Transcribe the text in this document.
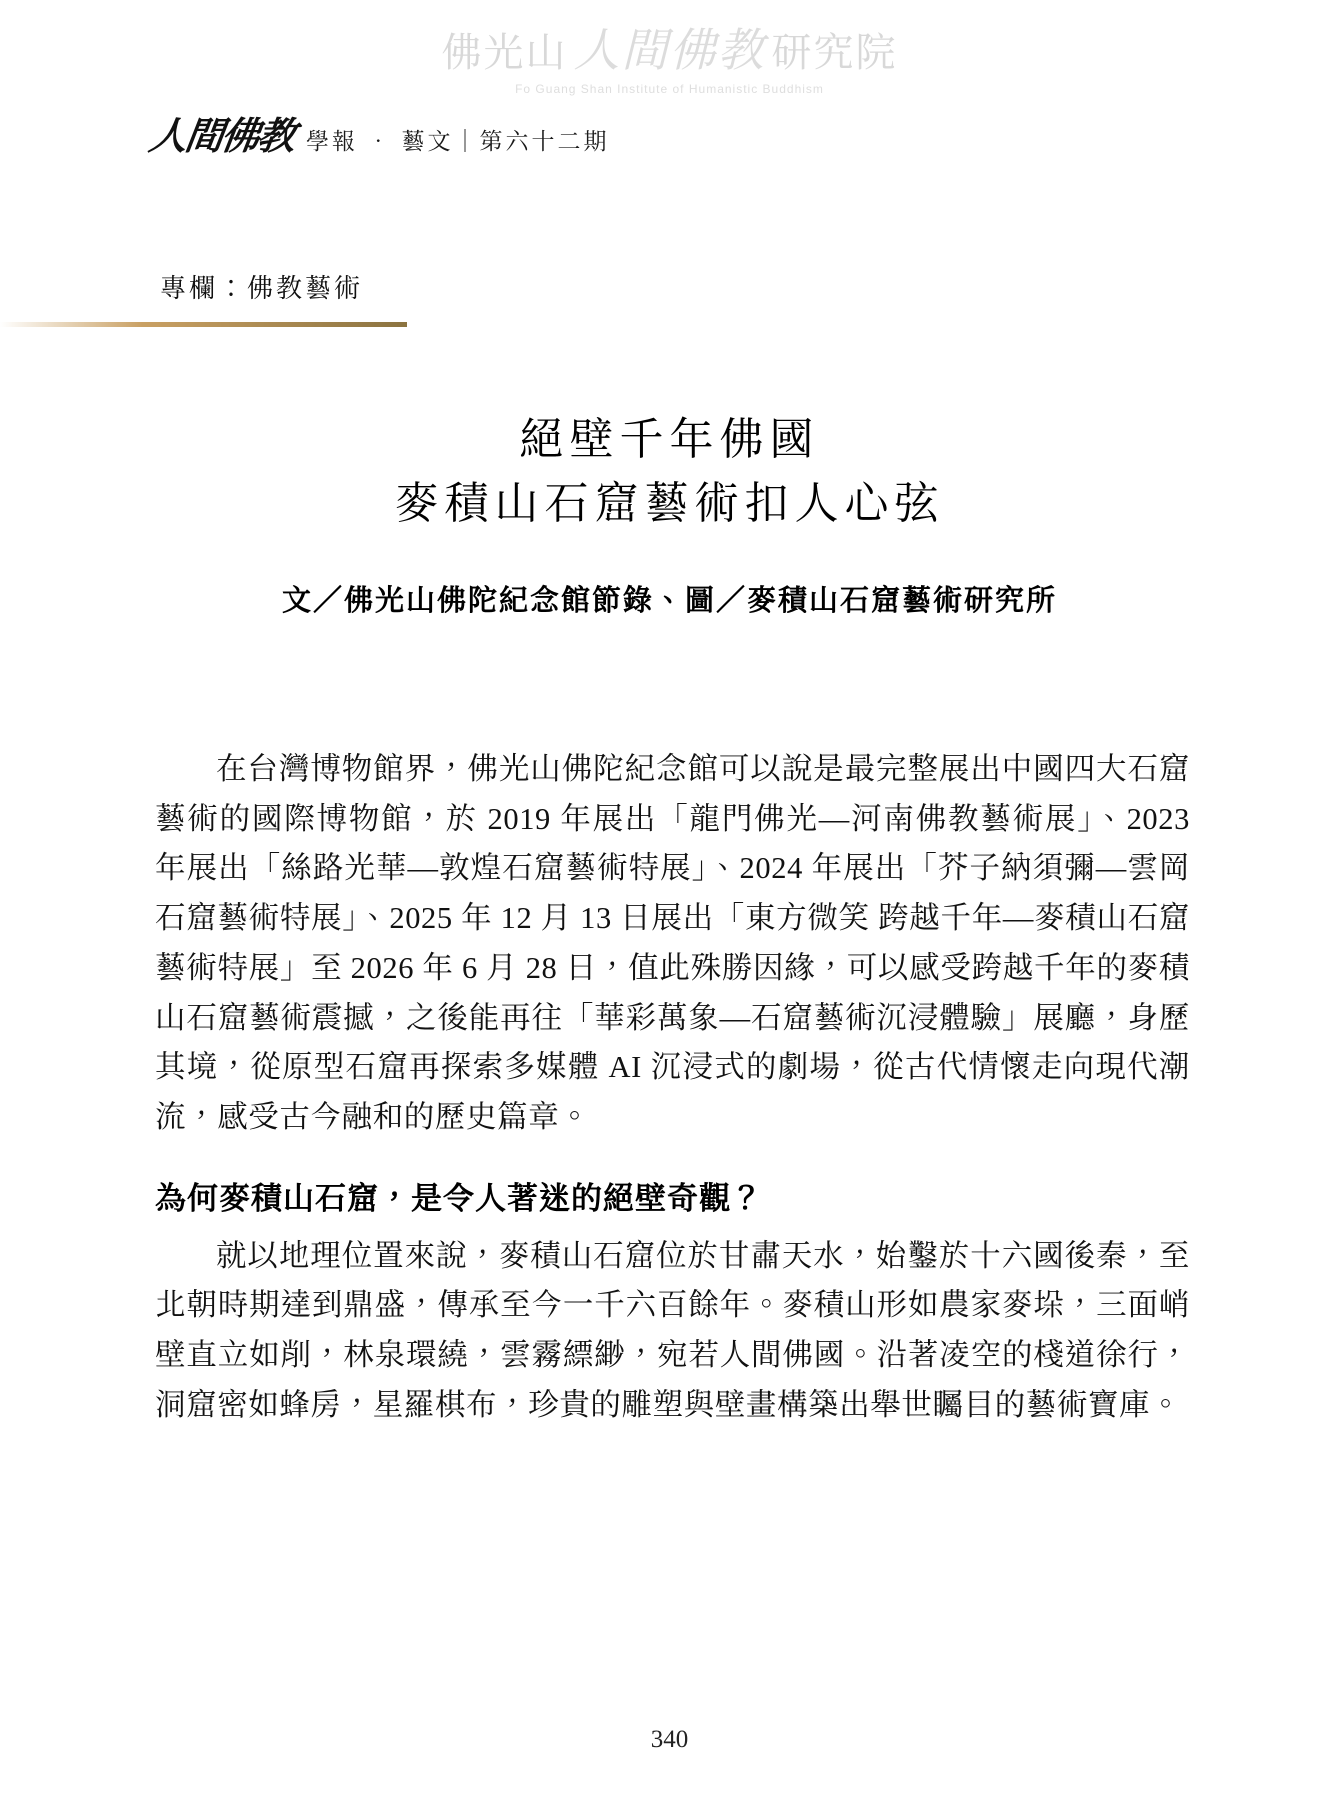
佛光山 人間佛教 研究院
Fo Guang Shan Institute of Humanistic Buddhism
人間佛教 學報 ‧ 藝文｜第六十二期
專欄：佛教藝術
絕壁千年佛國
麥積山石窟藝術扣人心弦
文／佛光山佛陀紀念館節錄、圖／麥積山石窟藝術研究所

在台灣博物館界，佛光山佛陀紀念館可以說是最完整展出中國四大石窟藝術的國際博物館，於 2019 年展出「龍門佛光―河南佛教藝術展」、2023 年展出「絲路光華―敦煌石窟藝術特展」、2024 年展出「芥子納須彌―雲岡石窟藝術特展」、2025 年 12 月 13 日展出「東方微笑 跨越千年―麥積山石窟藝術特展」至 2026 年 6 月 28 日，值此殊勝因緣，可以感受跨越千年的麥積山石窟藝術震撼，之後能再往「華彩萬象―石窟藝術沉浸體驗」展廳，身歷其境，從原型石窟再探索多媒體 AI 沉浸式的劇場，從古代情懷走向現代潮流，感受古今融和的歷史篇章。

為何麥積山石窟，是令人著迷的絕壁奇觀？

就以地理位置來說，麥積山石窟位於甘肅天水，始鑿於十六國後秦，至北朝時期達到鼎盛，傳承至今一千六百餘年。麥積山形如農家麥垛，三面峭壁直立如削，林泉環繞，雲霧縹緲，宛若人間佛國。沿著凌空的棧道徐行，洞窟密如蜂房，星羅棋布，珍貴的雕塑與壁畫構築出舉世矚目的藝術寶庫。

340
